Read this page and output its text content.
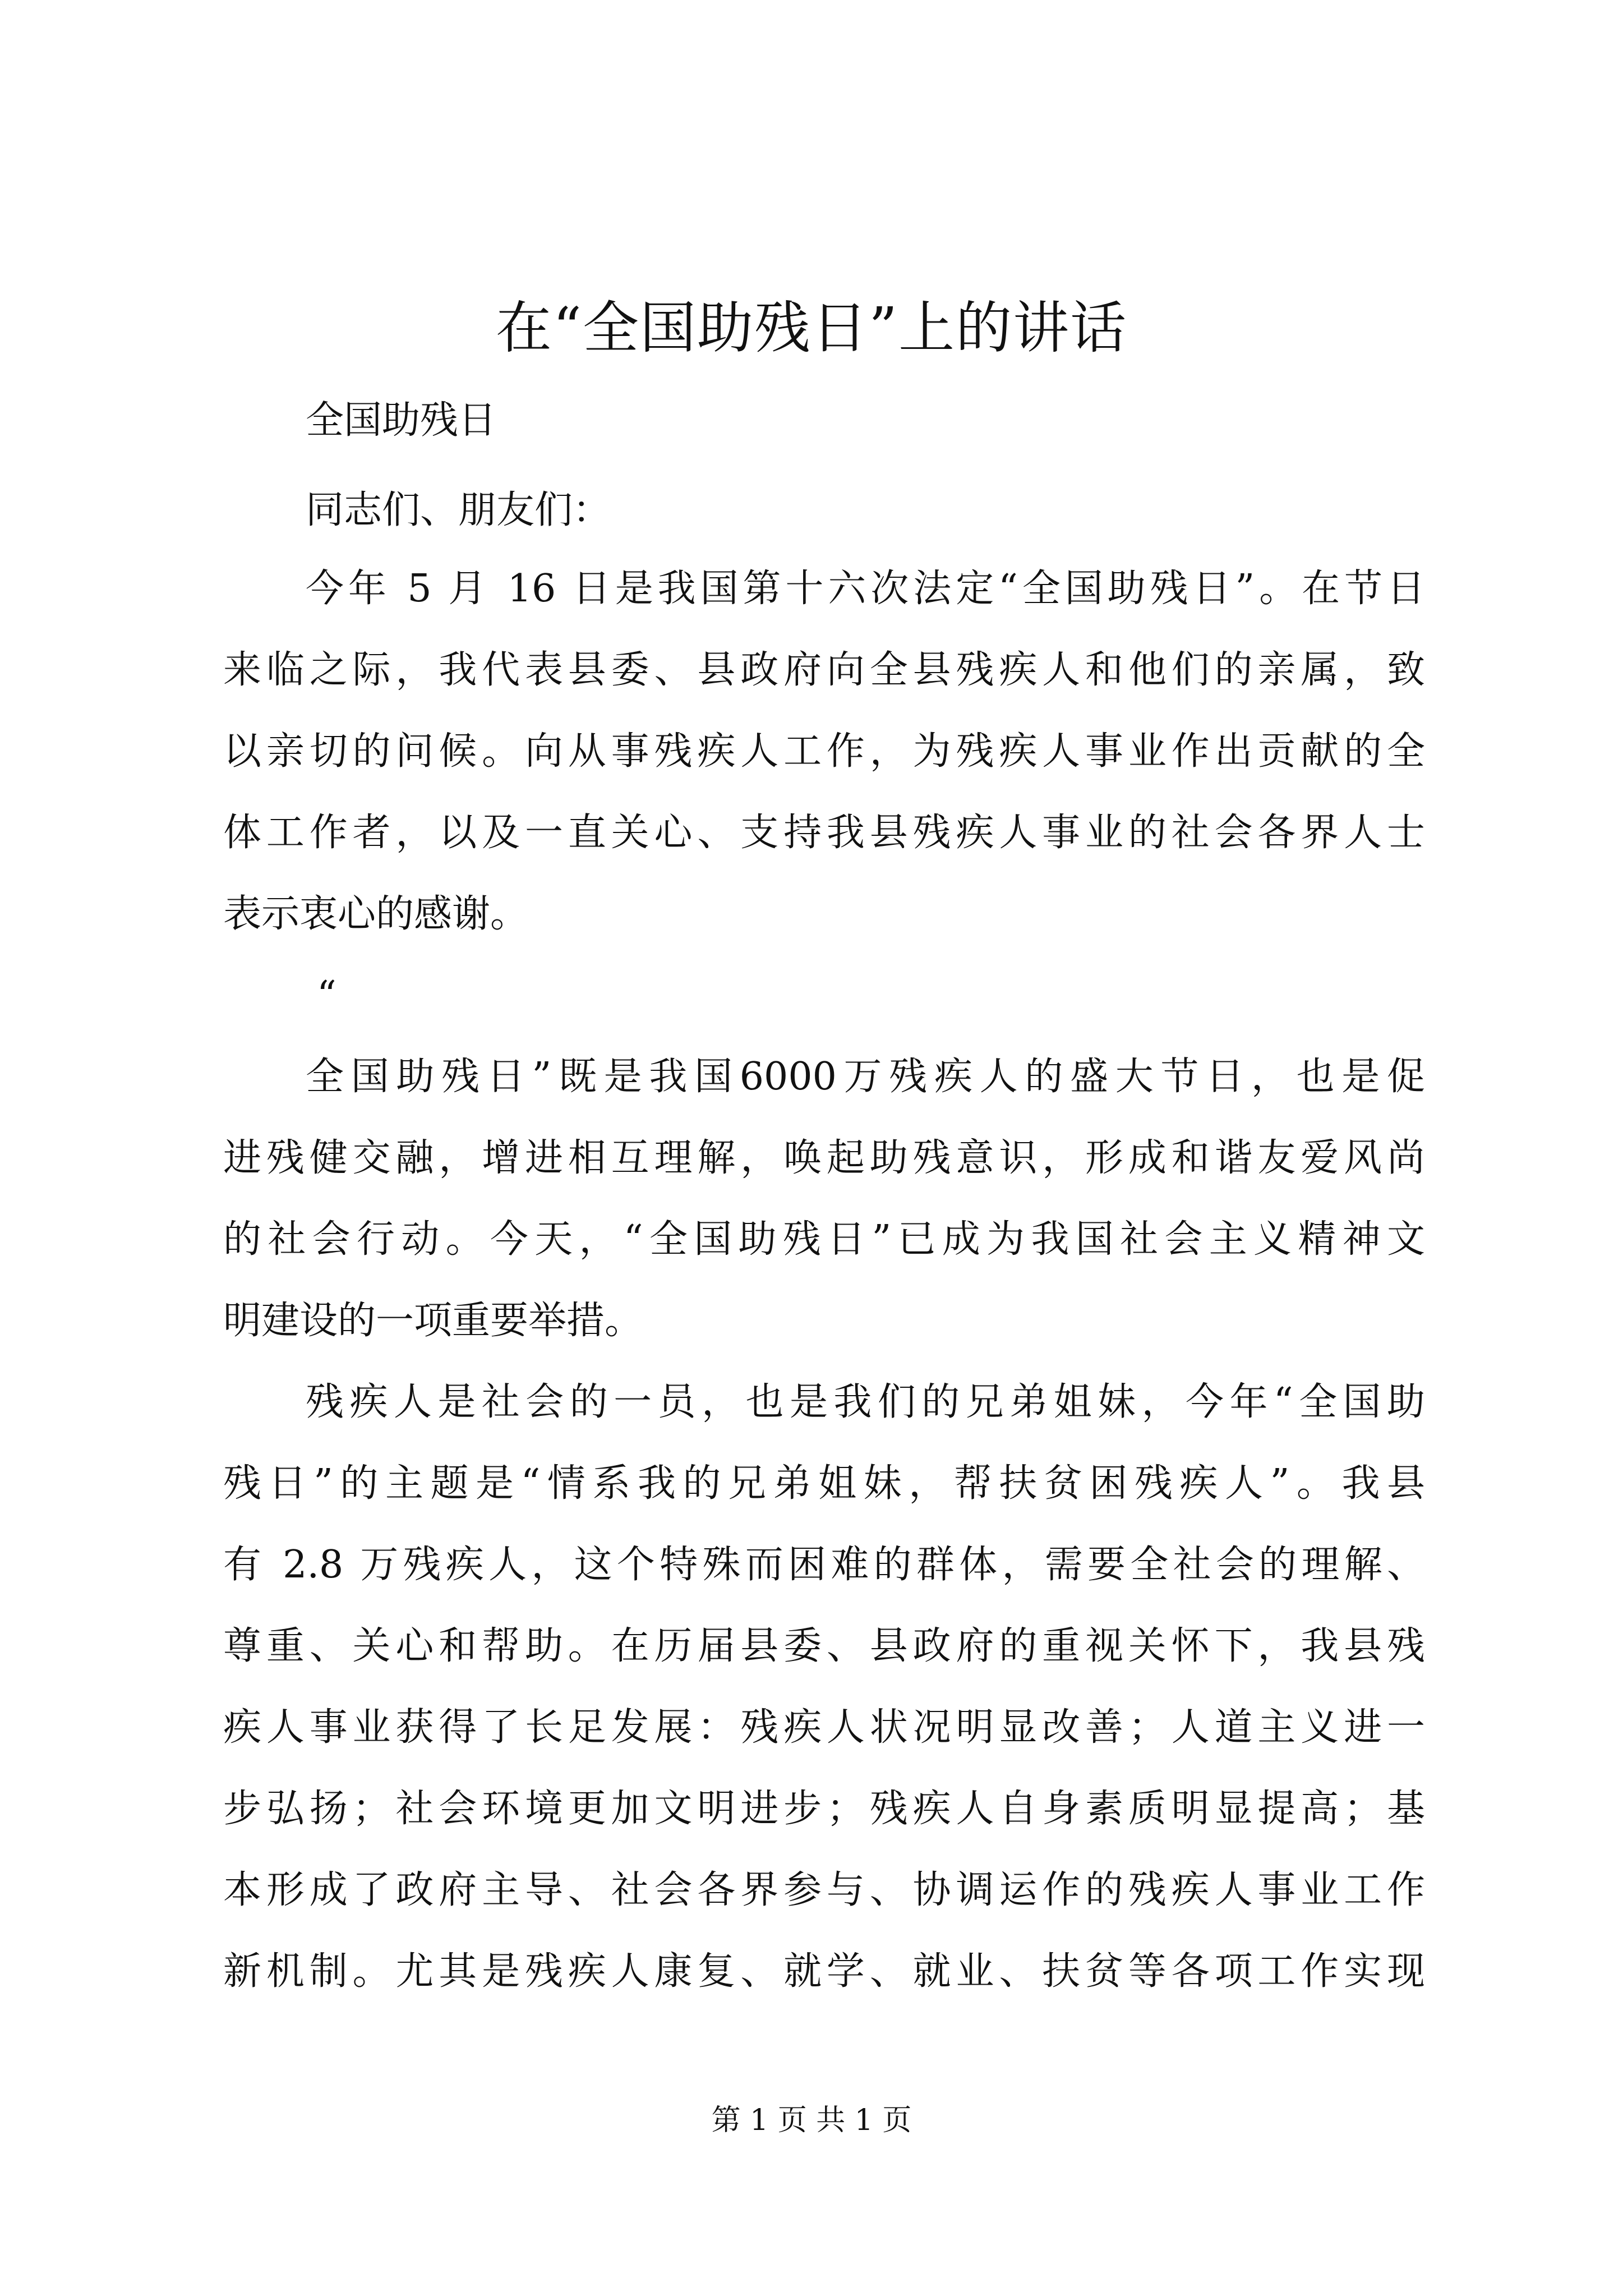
在“全国助残日”上的讲话
全国助残日
同志们、朋友们：
今年 5 月 16 日是我国第十六次法定“全国助残日”。在节日
来临之际，我代表县委、县政府向全县残疾人和他们的亲属，致
以亲切的问候。向从事残疾人工作，为残疾人事业作出贡献的全
体工作者，以及一直关心、支持我县残疾人事业的社会各界人士
表示衷心的感谢。
“
全国助残日”既是我国6000万残疾人的盛大节日，也是促
进残健交融，增进相互理解，唤起助残意识，形成和谐友爱风尚
的社会行动。今天，“全国助残日”已成为我国社会主义精神文
明建设的一项重要举措。
残疾人是社会的一员，也是我们的兄弟姐妹，今年“全国助
残日”的主题是“情系我的兄弟姐妹，帮扶贫困残疾人”。我县
有 2.8 万残疾人，这个特殊而困难的群体，需要全社会的理解、
尊重、关心和帮助。在历届县委、县政府的重视关怀下，我县残
疾人事业获得了长足发展：残疾人状况明显改善；人道主义进一
步弘扬；社会环境更加文明进步；残疾人自身素质明显提高；基
本形成了政府主导、社会各界参与、协调运作的残疾人事业工作
新机制。尤其是残疾人康复、就学、就业、扶贫等各项工作实现
第 1 页 共 1 页
